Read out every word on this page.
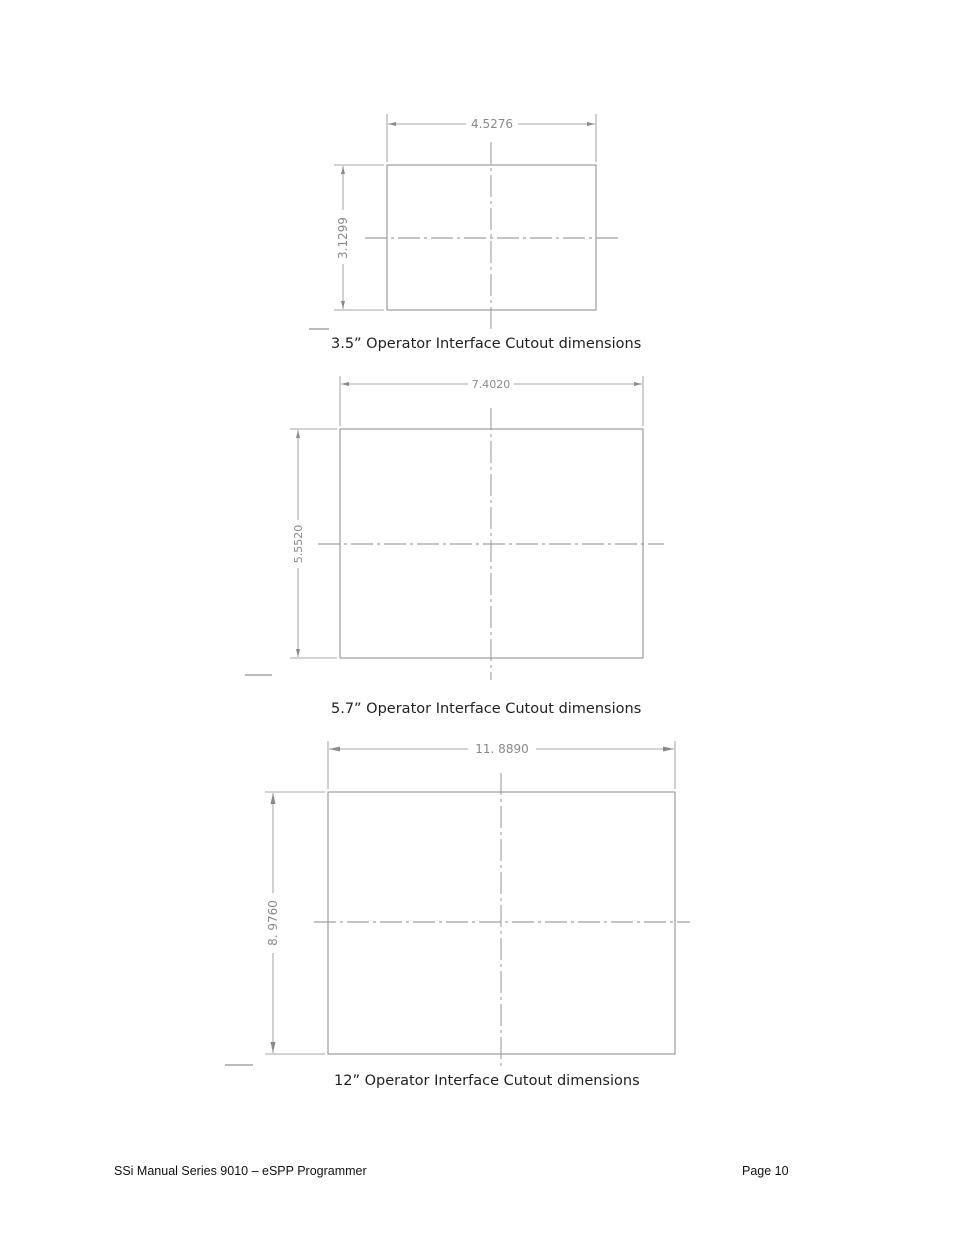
4.5276
3.1299
7.4020
5.5520
11. 8890
8. 9760
3.5” Operator Interface Cutout dimensions
5.7” Operator Interface Cutout dimensions
12” Operator Interface Cutout dimensions
SSi Manual Series 9010 – eSPP Programmer	Page 10
